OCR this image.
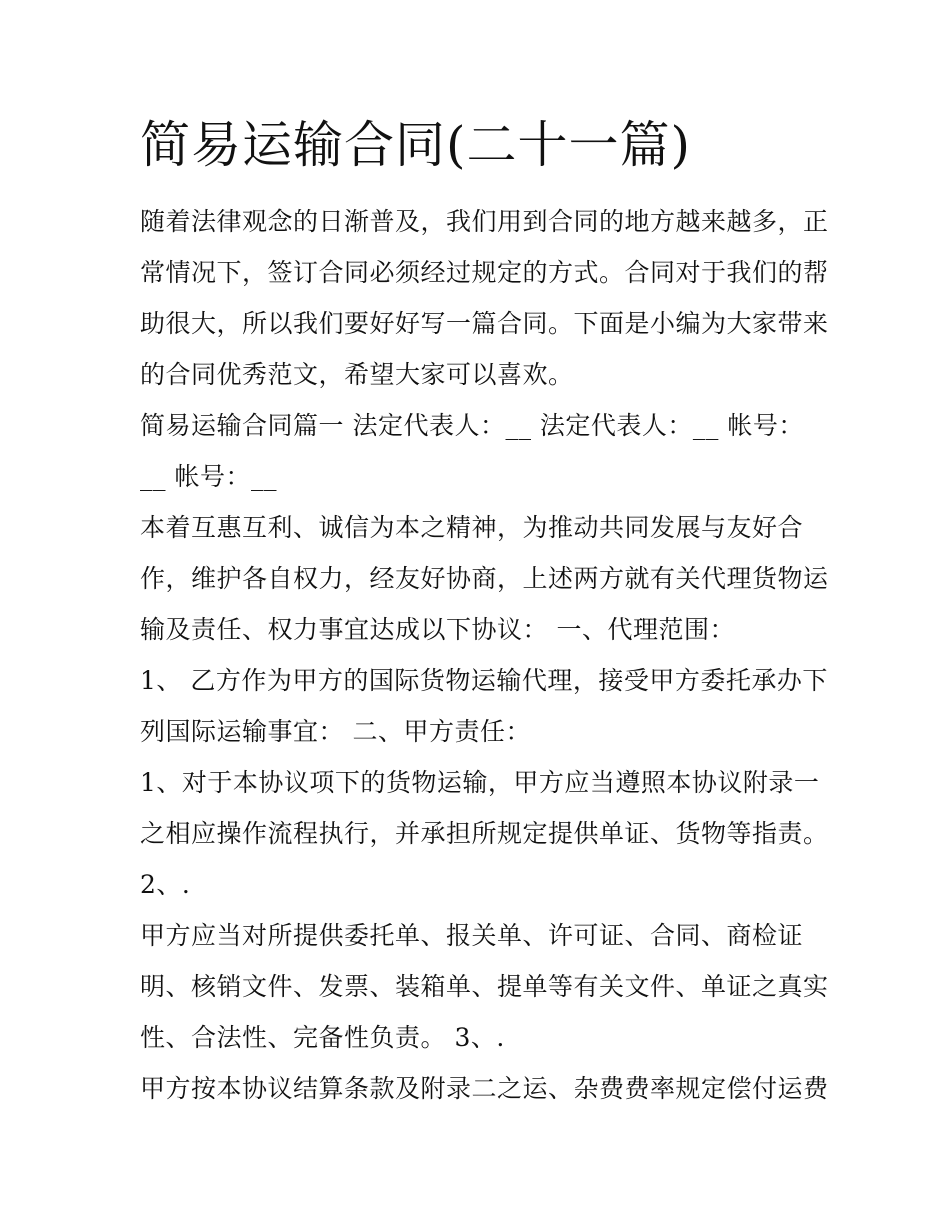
简易运输合同(二十一篇)

随着法律观念的日渐普及，我们用到合同的地方越来越多，正

常情况下，签订合同必须经过规定的方式。合同对于我们的帮

助很大，所以我们要好好写一篇合同。下面是小编为大家带来

的合同优秀范文，希望大家可以喜欢。

简易运输合同篇一 法定代表人：__ 法定代表人：__ 帐号：

__ 帐号：__

本着互惠互利、诚信为本之精神，为推动共同发展与友好合

作，维护各自权力，经友好协商，上述两方就有关代理货物运

输及责任、权力事宜达成以下协议： 一、代理范围：

1、 乙方作为甲方的国际货物运输代理，接受甲方委托承办下

列国际运输事宜： 二、甲方责任：

1、对于本协议项下的货物运输，甲方应当遵照本协议附录一

之相应操作流程执行，并承担所规定提供单证、货物等指责。

2、.

甲方应当对所提供委托单、报关单、许可证、合同、商检证

明、核销文件、发票、装箱单、提单等有关文件、单证之真实

性、合法性、完备性负责。 3、.

甲方按本协议结算条款及附录二之运、杂费费率规定偿付运费
